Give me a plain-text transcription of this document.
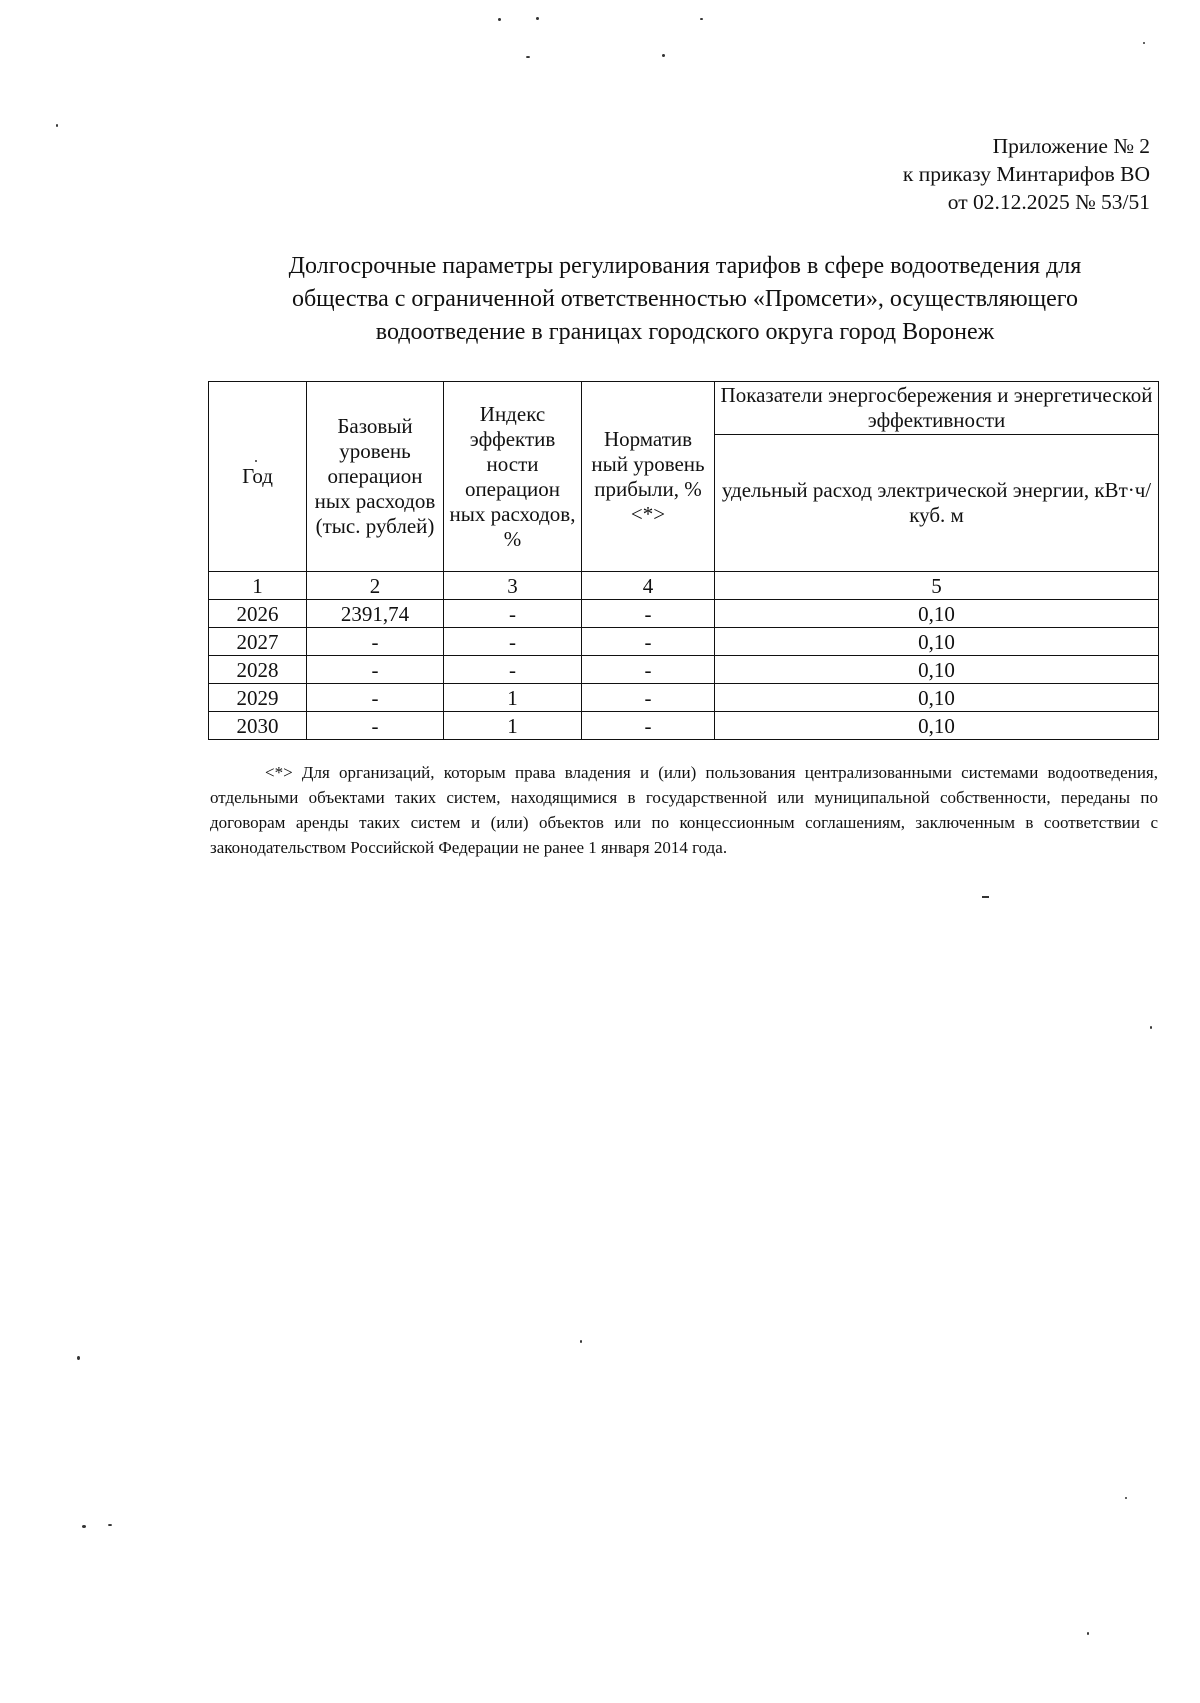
Приложение № 2
к приказу Минтарифов ВО
от 02.12.2025 № 53/51
Долгосрочные параметры регулирования тарифов в сфере водоотведения для
общества с ограниченной ответственностью «Промсети», осуществляющего
водоотведение в границах городского округа город Воронеж
Год	Базовый уровень операцион ных расходов (тыс. рублей)	Индекс эффектив ности операцион ных расходов, %	Норматив ный уровень прибыли, % <*>	Показатели энергосбережения и энергетической эффективности
				удельный расход электрической энергии, кВт·ч/куб. м
1	2	3	4	5
2026	2391,74	-	-	0,10
2027	-	-	-	0,10
2028	-	-	-	0,10
2029	-	1	-	0,10
2030	-	1	-	0,10
<*> Для организаций, которым права владения и (или) пользования централизованными системами водоотведения, отдельными объектами таких систем, находящимися в государственной или муниципальной собственности, переданы по договорам аренды таких систем и (или) объектов или по концессионным соглашениям, заключенным в соответствии с законодательством Российской Федерации не ранее 1 января 2014 года.
